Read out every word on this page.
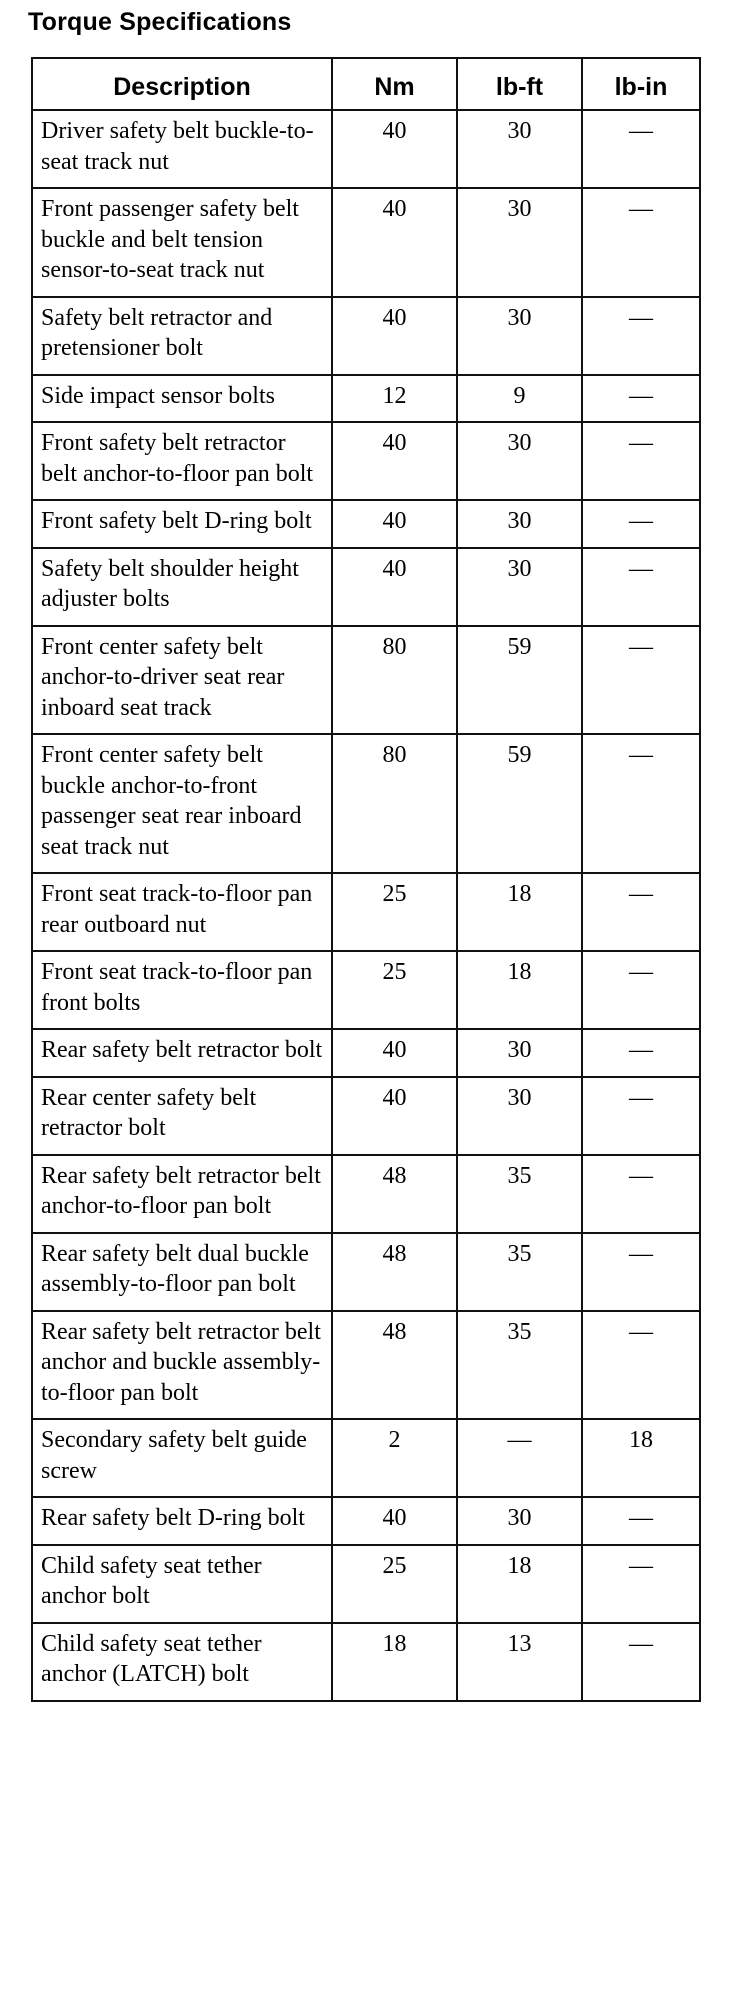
Torque Specifications
Description	Nm	lb-ft	lb-in
Driver safety belt buckle-to-seat track nut	40	30	—
Front passenger safety belt buckle and belt tension sensor-to-seat track nut	40	30	—
Safety belt retractor and pretensioner bolt	40	30	—
Side impact sensor bolts	12	9	—
Front safety belt retractor belt anchor-to-floor pan bolt	40	30	—
Front safety belt D-ring bolt	40	30	—
Safety belt shoulder height adjuster bolts	40	30	—
Front center safety belt anchor-to-driver seat rear inboard seat track	80	59	—
Front center safety belt buckle anchor-to-front passenger seat rear inboard seat track nut	80	59	—
Front seat track-to-floor pan rear outboard nut	25	18	—
Front seat track-to-floor pan front bolts	25	18	—
Rear safety belt retractor bolt	40	30	—
Rear center safety belt retractor bolt	40	30	—
Rear safety belt retractor belt anchor-to-floor pan bolt	48	35	—
Rear safety belt dual buckle assembly-to-floor pan bolt	48	35	—
Rear safety belt retractor belt anchor and buckle assembly-to-floor pan bolt	48	35	—
Secondary safety belt guide screw	2	—	18
Rear safety belt D-ring bolt	40	30	—
Child safety seat tether anchor bolt	25	18	—
Child safety seat tether anchor (LATCH) bolt	18	13	—
